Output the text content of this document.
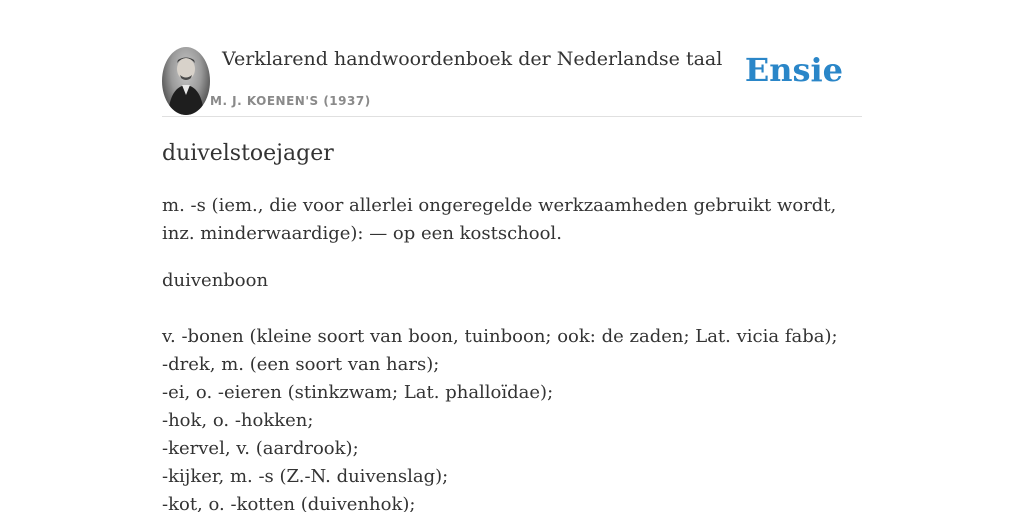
Verklarend handwoordenboek der Nederlandse taal
M. J. KOENEN'S (1937)
Ensie
duivelstoejager

m. -s (iem., die voor allerlei ongeregelde werkzaamheden gebruikt wordt, inz. minderwaardige): — op een kostschool.

duivenboon

v. -bonen (kleine soort van boon, tuinboon; ook: de zaden; Lat. vicia faba);
-drek, m. (een soort van hars);
-ei, o. -eieren (stinkzwam; Lat. phalloïdae);
-hok, o. -hokken;
-kervel, v. (aardrook);
-kijker, m. -s (Z.-N. duivenslag);
-kot, o. -kotten (duivenhok);
